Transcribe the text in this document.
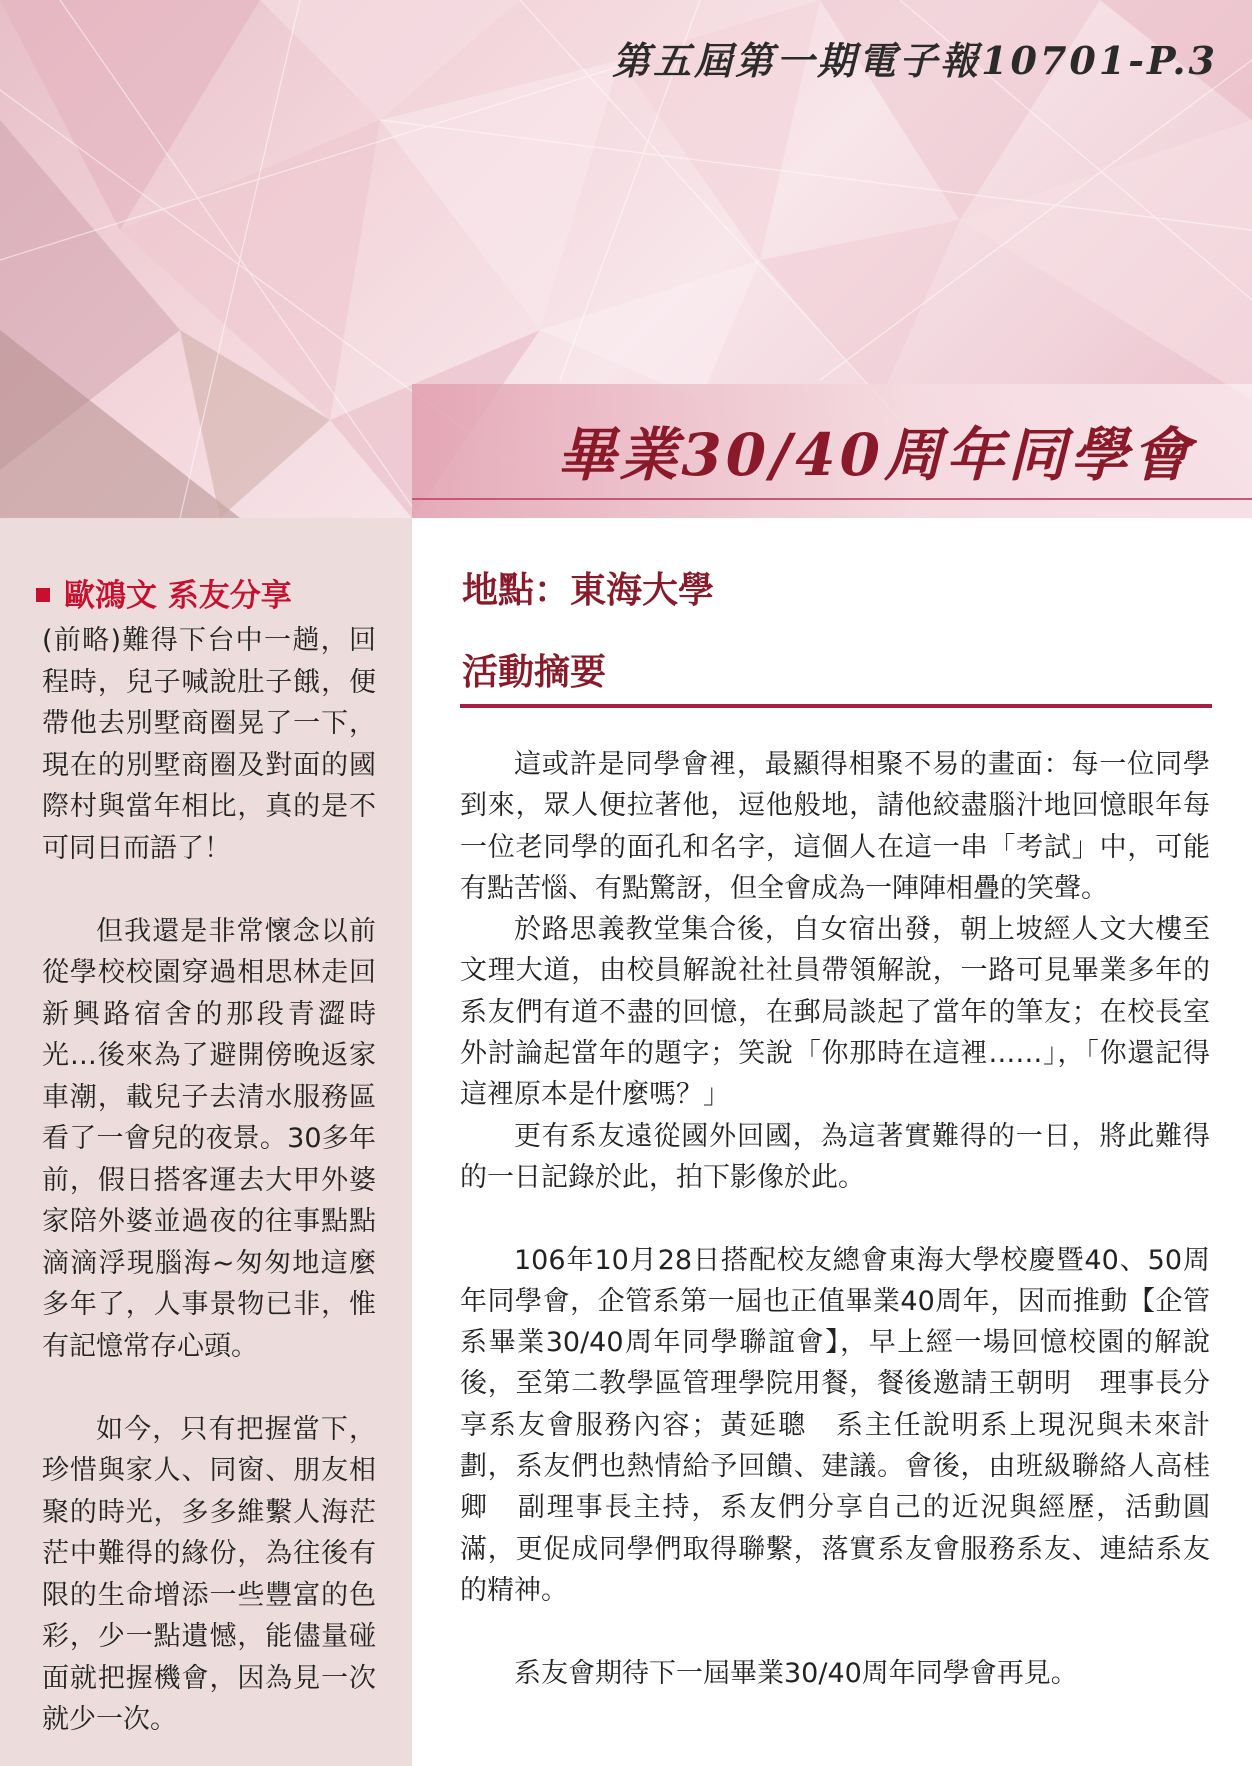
第五屆第一期電子報10701-P.3
畢業30/40周年同學會
歐鴻文 系友分享

(前略)難得下台中一趟，回程時，兒子喊說肚子餓，便帶他去別墅商圈晃了一下，現在的別墅商圈及對面的國際村與當年相比，真的是不可同日而語了！

但我還是非常懷念以前從學校校園穿過相思林走回新興路宿舍的那段青澀時光…後來為了避開傍晚返家車潮，載兒子去清水服務區看了一會兒的夜景。30多年前，假日搭客運去大甲外婆家陪外婆並過夜的往事點點滴滴浮現腦海~匆匆地這麼多年了，人事景物已非，惟有記憶常存心頭。

如今，只有把握當下，珍惜與家人、同窗、朋友相聚的時光，多多維繫人海茫茫中難得的緣份，為往後有限的生命增添一些豐富的色彩，少一點遺憾，能儘量碰面就把握機會，因為見一次就少一次。

地點：東海大學
活動摘要

這或許是同學會裡，最顯得相聚不易的畫面：每一位同學到來，眾人便拉著他，逗他般地，請他絞盡腦汁地回憶眼年每一位老同學的面孔和名字，這個人在這一串「考試」中，可能有點苦惱、有點驚訝，但全會成為一陣陣相疊的笑聲。

於路思義教堂集合後，自女宿出發，朝上坡經人文大樓至文理大道，由校員解說社社員帶領解說，一路可見畢業多年的系友們有道不盡的回憶，在郵局談起了當年的筆友；在校長室外討論起當年的題字；笑說「你那時在這裡……」，「你還記得這裡原本是什麼嗎？」

更有系友遠從國外回國，為這著實難得的一日，將此難得的一日記錄於此，拍下影像於此。

106年10月28日搭配校友總會東海大學校慶暨40、50周年同學會，企管系第一屆也正值畢業40周年，因而推動【企管系畢業30/40周年同學聯誼會】，早上經一場回憶校園的解說後，至第二教學區管理學院用餐，餐後邀請王朝明　理事長分享系友會服務內容；黃延聰　系主任說明系上現況與未來計劃，系友們也熱情給予回饋、建議。會後，由班級聯絡人高桂卿　副理事長主持，系友們分享自己的近況與經歷，活動圓滿，更促成同學們取得聯繫，落實系友會服務系友、連結系友的精神。

系友會期待下一屆畢業30/40周年同學會再見。
